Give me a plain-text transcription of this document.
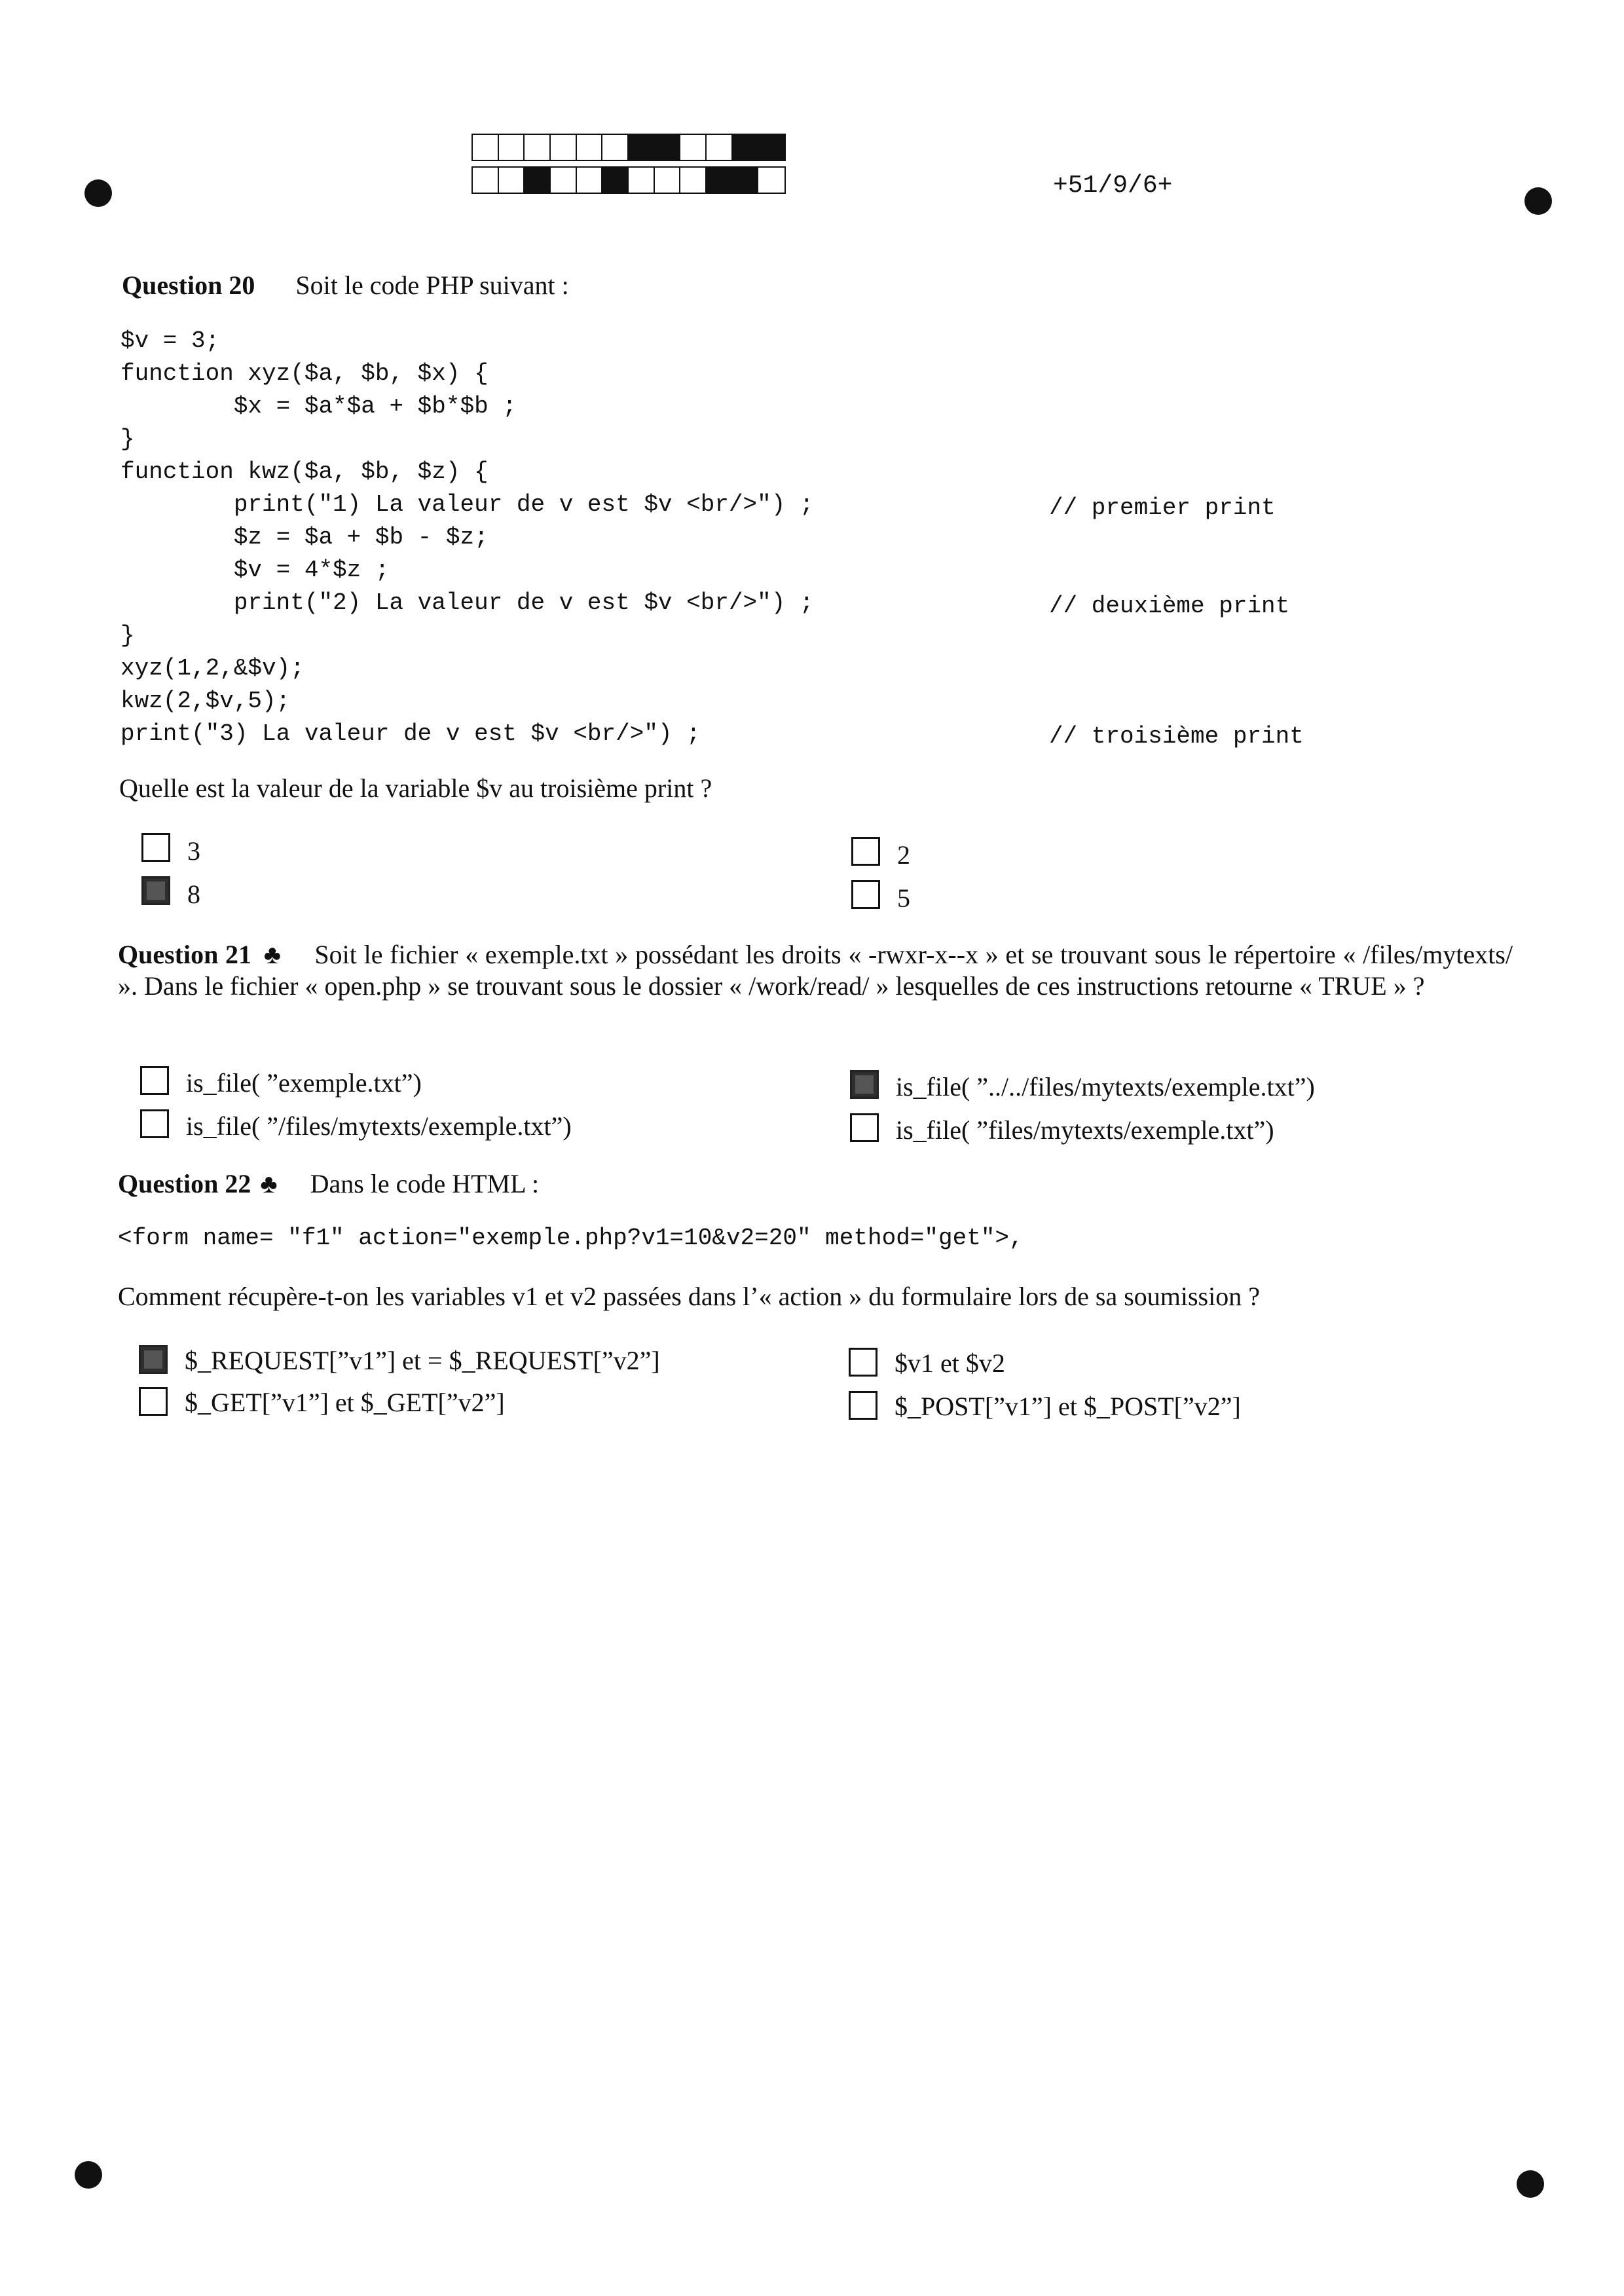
+51/9/6+
Question 20 Soit le code PHP suivant :
$v = 3;
function xyz($a, $b, $x) {
$x = $a*$a + $b*$b ;
}
function kwz($a, $b, $z) {
print("1) La valeur de v est $v <br/>") ;
$z = $a + $b - $z;
$v = 4*$z ;
print("2) La valeur de v est $v <br/>") ;
}
xyz(1,2,&$v);
kwz(2,$v,5);
print("3) La valeur de v est $v <br/>") ;
// premier print
// deuxième print
// troisième print
Quelle est la valeur de la variable $v au troisième print ?
3
8
2
5
Question 21 ♣ Soit le fichier « exemple.txt » possédant les droits « -rwxr-x--x » et se trouvant sous le répertoire « /files/mytexts/ ». Dans le fichier « open.php » se trouvant sous le dossier « /work/read/ » lesquelles de ces instructions retourne « TRUE » ?
is_file( ”exemple.txt”)
is_file( ”/files/mytexts/exemple.txt”)
is_file( ”../../files/mytexts/exemple.txt”)
is_file( ”files/mytexts/exemple.txt”)
Question 22 ♣ Dans le code HTML :
<form name= "f1" action="exemple.php?v1=10&v2=20" method="get">,
Comment récupère-t-on les variables v1 et v2 passées dans l’« action » du formulaire lors de sa soumission ?
$_REQUEST[”v1”] et = $_REQUEST[”v2”]
$_GET[”v1”] et $_GET[”v2”]
$v1 et $v2
$_POST[”v1”] et $_POST[”v2”]
